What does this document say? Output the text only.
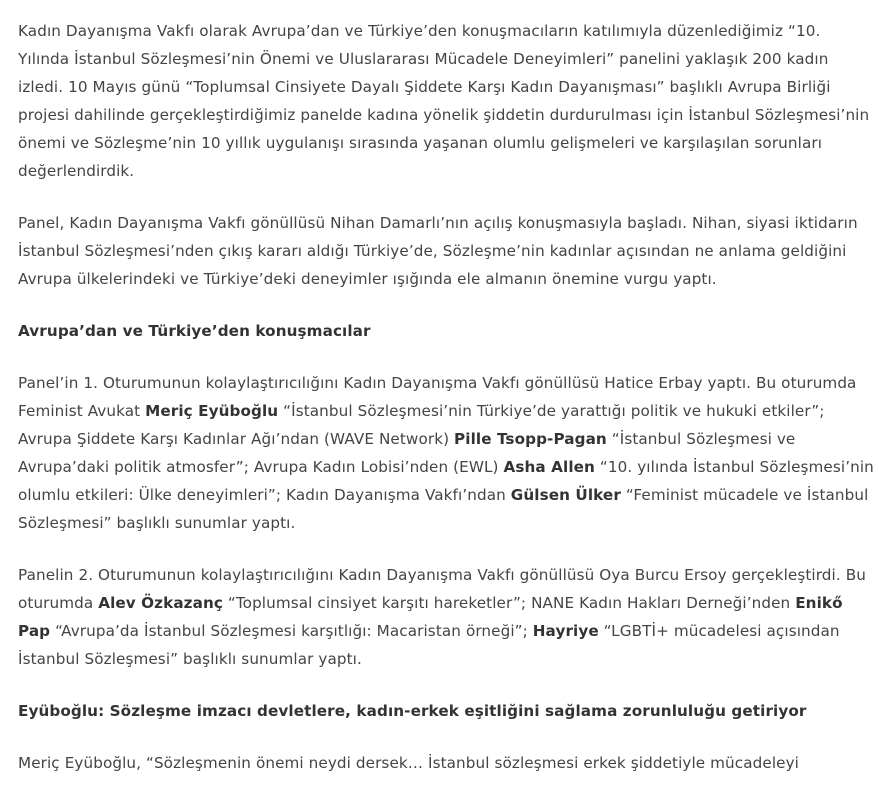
Kadın Dayanışma Vakfı olarak Avrupa’dan ve Türkiye’den konuşmacıların katılımıyla düzenlediğimiz “10. Yılında İstanbul Sözleşmesi’nin Önemi ve Uluslararası Mücadele Deneyimleri” panelini yaklaşık 200 kadın izledi. 10 Mayıs günü “Toplumsal Cinsiyete Dayalı Şiddete Karşı Kadın Dayanışması” başlıklı Avrupa Birliği projesi dahilinde gerçekleştirdiğimiz panelde kadına yönelik şiddetin durdurulması için İstanbul Sözleşmesi’nin önemi ve Sözleşme’nin 10 yıllık uygulanışı sırasında yaşanan olumlu gelişmeleri ve karşılaşılan sorunları değerlendirdik.

Panel, Kadın Dayanışma Vakfı gönüllüsü Nihan Damarlı’nın açılış konuşmasıyla başladı. Nihan, siyasi iktidarın İstanbul Sözleşmesi’nden çıkış kararı aldığı Türkiye’de, Sözleşme’nin kadınlar açısından ne anlama geldiğini Avrupa ülkelerindeki ve Türkiye’deki deneyimler ışığında ele almanın önemine vurgu yaptı.

Avrupa’dan ve Türkiye’den konuşmacılar

Panel’in 1. Oturumunun kolaylaştırıcılığını Kadın Dayanışma Vakfı gönüllüsü Hatice Erbay yaptı. Bu oturumda Feminist Avukat Meriç Eyüboğlu “İstanbul Sözleşmesi’nin Türkiye’de yarattığı politik ve hukuki etkiler”; Avrupa Şiddete Karşı Kadınlar Ağı’ndan (WAVE Network) Pille Tsopp-Pagan “İstanbul Sözleşmesi ve Avrupa’daki politik atmosfer”; Avrupa Kadın Lobisi’nden (EWL) Asha Allen “10. yılında İstanbul Sözleşmesi’nin olumlu etkileri: Ülke deneyimleri”; Kadın Dayanışma Vakfı’ndan Gülsen Ülker “Feminist mücadele ve İstanbul Sözleşmesi” başlıklı sunumlar yaptı.

Panelin 2. Oturumunun kolaylaştırıcılığını Kadın Dayanışma Vakfı gönüllüsü Oya Burcu Ersoy gerçekleştirdi. Bu oturumda Alev Özkazanç “Toplumsal cinsiyet karşıtı hareketler”; NANE Kadın Hakları Derneği’nden Enikő Pap “Avrupa’da İstanbul Sözleşmesi karşıtlığı: Macaristan örneği”; Hayriye “LGBTİ+ mücadelesi açısından İstanbul Sözleşmesi” başlıklı sunumlar yaptı.

Eyüboğlu: Sözleşme imzacı devletlere, kadın-erkek eşitliğini sağlama zorunluluğu getiriyor

Meriç Eyüboğlu, “Sözleşmenin önemi neydi dersek… İstanbul sözleşmesi erkek şiddetiyle mücadeleyi
